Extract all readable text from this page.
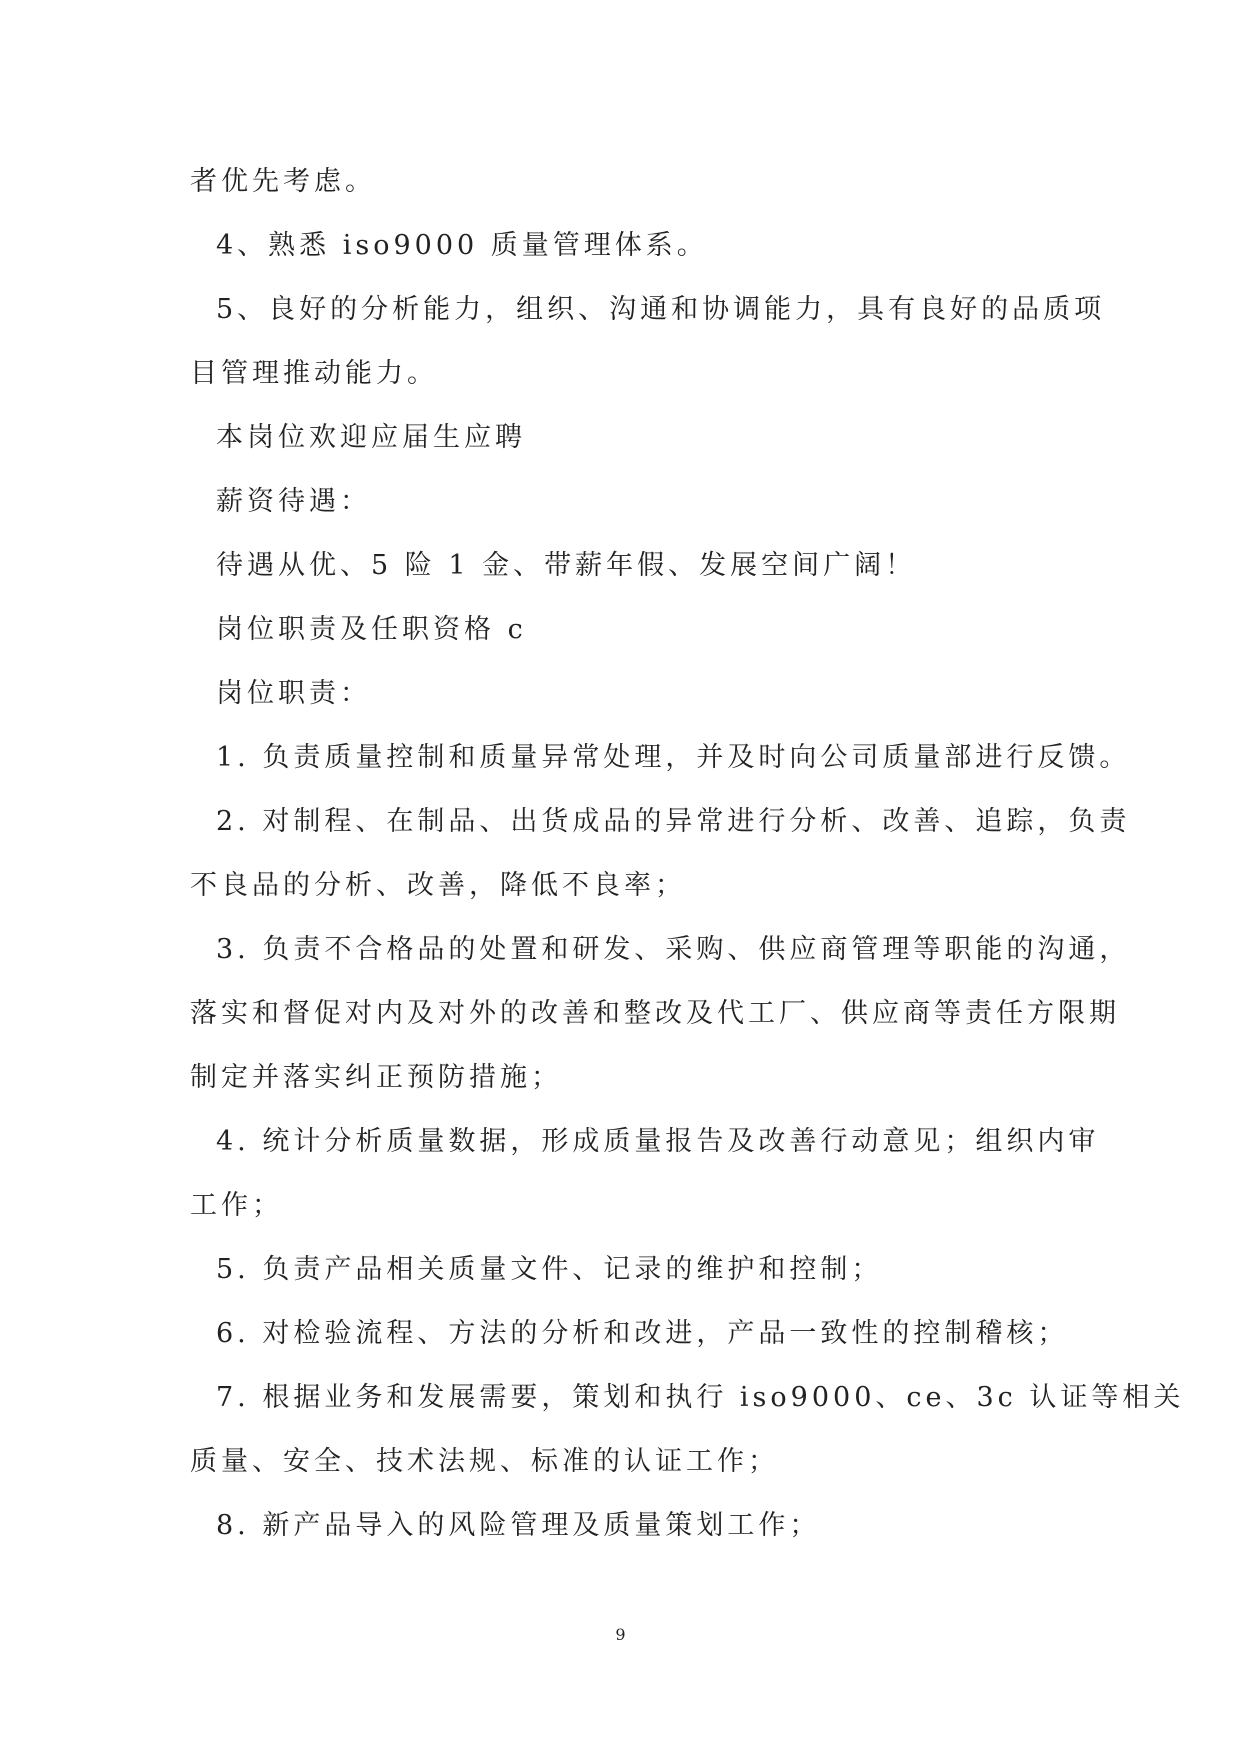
者优先考虑。
4、熟悉 iso9000 质量管理体系。
5、良好的分析能力，组织、沟通和协调能力，具有良好的品质项
目管理推动能力。
本岗位欢迎应届生应聘
薪资待遇：
待遇从优、5 险 1 金、带薪年假、发展空间广阔！
岗位职责及任职资格 c
岗位职责：
1. 负责质量控制和质量异常处理，并及时向公司质量部进行反馈。
2. 对制程、在制品、出货成品的异常进行分析、改善、追踪，负责
不良品的分析、改善，降低不良率；
3. 负责不合格品的处置和研发、采购、供应商管理等职能的沟通，
落实和督促对内及对外的改善和整改及代工厂、供应商等责任方限期
制定并落实纠正预防措施；
4. 统计分析质量数据，形成质量报告及改善行动意见；组织内审
工作；
5. 负责产品相关质量文件、记录的维护和控制；
6. 对检验流程、方法的分析和改进，产品一致性的控制稽核；
7. 根据业务和发展需要，策划和执行 iso9000、ce、3c 认证等相关
质量、安全、技术法规、标准的认证工作；
8. 新产品导入的风险管理及质量策划工作；
9
